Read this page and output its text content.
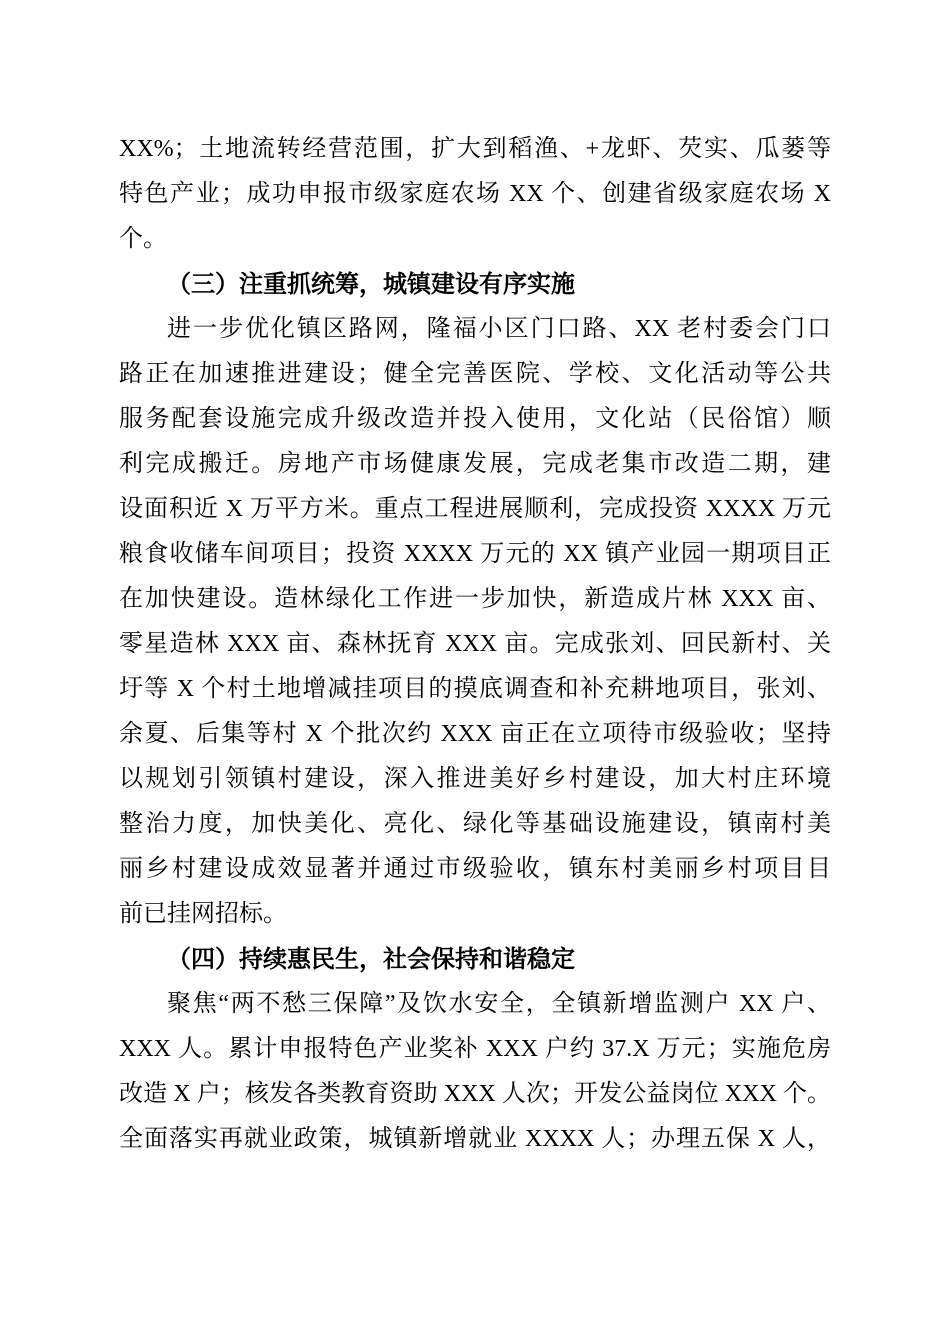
XX%；土地流转经营范围，扩大到稻渔、+龙虾、芡实、瓜蒌等
特色产业；成功申报市级家庭农场 XX 个、创建省级家庭农场 X
个。
（三）注重抓统筹，城镇建设有序实施
进一步优化镇区路网，隆福小区门口路、XX 老村委会门口
路正在加速推进建设；健全完善医院、学校、文化活动等公共
服务配套设施完成升级改造并投入使用，文化站（民俗馆）顺
利完成搬迁。房地产市场健康发展，完成老集市改造二期，建
设面积近 X 万平方米。重点工程进展顺利，完成投资 XXXX 万元
粮食收储车间项目；投资 XXXX 万元的 XX 镇产业园一期项目正
在加快建设。造林绿化工作进一步加快，新造成片林 XXX 亩、
零星造林 XXX 亩、森林抚育 XXX 亩。完成张刘、回民新村、关
圩等 X 个村土地增减挂项目的摸底调查和补充耕地项目，张刘、
余夏、后集等村 X 个批次约 XXX 亩正在立项待市级验收；坚持
以规划引领镇村建设，深入推进美好乡村建设，加大村庄环境
整治力度，加快美化、亮化、绿化等基础设施建设，镇南村美
丽乡村建设成效显著并通过市级验收，镇东村美丽乡村项目目
前已挂网招标。
（四）持续惠民生，社会保持和谐稳定
聚焦“两不愁三保障”及饮水安全，全镇新增监测户 XX 户、
XXX 人。累计申报特色产业奖补 XXX 户约 37.X 万元；实施危房
改造 X 户；核发各类教育资助 XXX 人次；开发公益岗位 XXX 个。
全面落实再就业政策，城镇新增就业 XXXX 人；办理五保 X 人，
